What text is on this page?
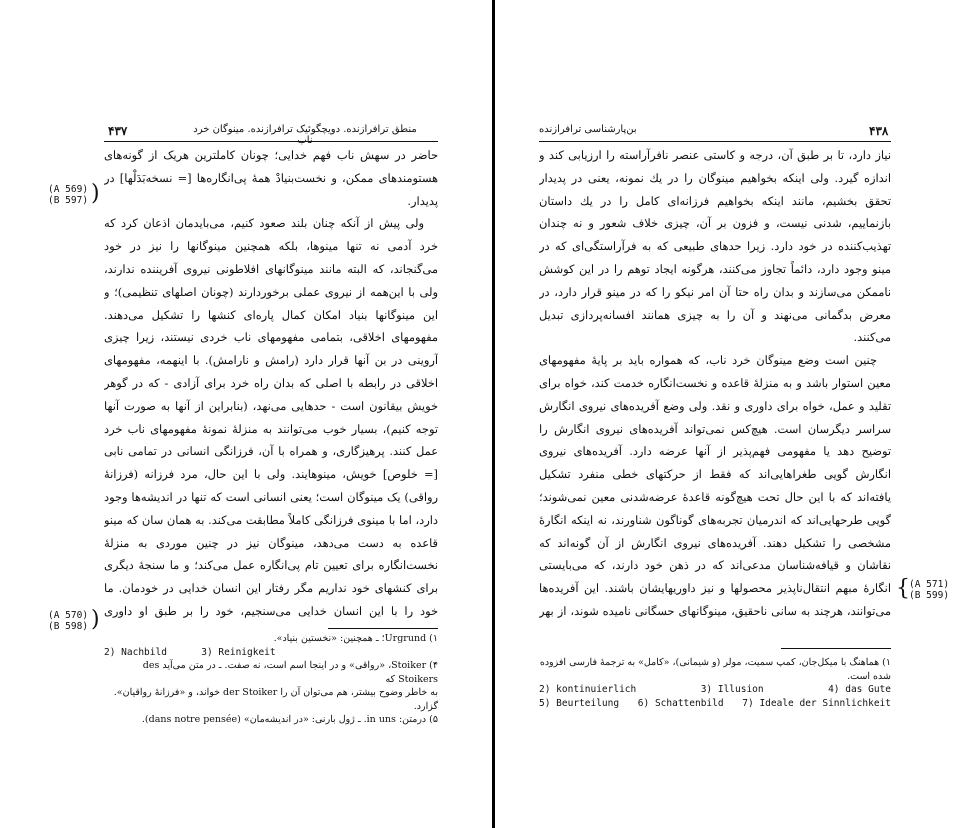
۴۳۷	منطق ترافرازنده. دویچگوئیک ترافرازنده. مینوگان خرد

حاضر در سهش ناب فهم خدایی؛ چونان کاملترین هریک از گونه‌های هستومند‌های ممکن، و نخست‌بنیادْ همهٔ پی‌انگاره‌ها [= نسخه‌بَدَلْها] در پدیدار.

ولی پیش از آنکه چنان بلند صعود کنیم، می‌بایدمان اذعان کرد که خرد آدمی نه تنها مینوها، بلکه همچنین مینوگانها را نیز در خود می‌گنجاند، که البته مانند مینوگانهای افلاطونی نیروی آفریننده ندارند، ولی با این‌همه از نیروی عملی برخوردارند (چونان اصلهای تنظیمی)؛ و این مینوگانها بنیاد امکان کمال پاره‌ای کنشها را تشکیل می‌دهند. مفهومهای اخلاقی، بتمامی مفهومهای ناب خردی نیستند، زیرا چیزی آروینی در بن آنها قرار دارد (رامش و نارامش). با اینهمه، مفهومهای اخلاقی در رابطه با اصلی که بدان راه خرد برای آزادی - که در گوهر خویش بیقانون است - حدهایی می‌نهد، (بنابراین از آنها به صورت آنها توجه کنیم)، بسیار خوب می‌توانند به منزلهٔ نمونهٔ مفهومهای ناب خرد عمل کنند. پرهیزگاری، و همراه با آن، فرزانگی انسانی در تمامی نابی [= خلوص] خویش، مینوهایند. ولی با این حال، مرد فرزانه (فرزانهٔ رواقی) یک مینوگان است؛ یعنی انسانی است که تنها در اندیشه‌ها وجود دارد، اما با مینوی فرزانگی کاملاً مطابقت می‌کند. به همان سان که مینو قاعده به دست می‌دهد، مینوگان نیز در چنین موردی به منزلهٔ نخست‌انگاره برای تعیین تام پی‌انگاره عمل می‌کند؛ و ما سنجهٔ دیگری برای کنشهای خود نداریم مگر رفتار این انسان خدایی در خودمان. ما خود را با این انسان خدایی می‌سنجیم، خود را بر طبق او داوری

(A 569)
(B 597) )
(A 570)
(B 598) )
۱) Urgrund؛ ـ همچنین: «نخستین بنیاد».
2) Nachbild	3) Reinigkeit
۴) Stoiker، «رواقی» و در اینجا اسم است، نه صفت. ـ در متن می‌آید des Stoikers که
به خاطر وضوح بیشتر، هم می‌توان آن را der Stoiker خواند، و «فرزانهٔ رواقیان».
گزارد.
۵) درمتن: in uns. ـ ژول بارنی: «در اندیشه‌مان» (dans notre pensée).
۴۳۸
بن‌پارشناسی ترافرازنده

نیاز دارد، تا بر طبق آن، درجه و کاستی عنصر نافرآراسته را ارزیابی کند و اندازه گیرد. ولی اینکه بخواهیم مینوگان را در یك نمونه، یعنی در پدیدار تحقق بخشیم، مانند اینکه بخواهیم فرزانه‌ای کامل را در یك داستان بازنماییم، شدنی نیست، و فزون بر آن، چیزی خلاف شعور و نه چندان تهذیب‌کننده در خود دارد. زیرا حدهای طبیعی که به فرآراستگی‌ای که در مینو وجود دارد، دائماً تجاوز می‌کنند، هرگونه ایجاد توهم را در این کوشش ناممکن می‌سازند و بدان راه حتا آن امر نیکو را که در مینو قرار دارد، در معرض بدگمانی می‌نهند و آن را به چیزی همانند افسانه‌پردازی تبدیل می‌کنند.

چنین است وضع مینوگان خرد ناب، که همواره باید بر پایهٔ مفهومهای معین استوار باشد و به منزلهٔ قاعده و نخست‌انگاره خدمت کند، خواه برای تقلید و عمل، خواه برای داوری و نقد. ولی وضع آفریده‌های نیروی انگارش سراسر دیگرسان است. هیچ‌کس نمی‌تواند آفریده‌های نیروی انگارش را توضیح دهد یا مفهومی فهم‌پذیر از آنها عرضه دارد. آفریده‌های نیروی انگارش گویی طغراهایی‌اند که فقط از حرکتهای خطی منفرد تشکیل یافته‌اند که با این حال تحت هیچ‌گونه قاعدهٔ عرضه‌شدنی معین نمی‌شوند؛ گویی طرحهایی‌اند که اندرمیان تجربه‌های گوناگون شناورند، نه اینکه انگارهٔ مشخصی را تشکیل دهند. آفریده‌های نیروی انگارش از آن گونه‌اند که نقاشان و قیافه‌شناسان مدعی‌اند که در ذهن خود دارند، که می‌بایستی انگارهٔ مبهم انتقال‌ناپذیر محصولها و نیز داوریهایشان باشند. این آفریده‌ها می‌توانند، هرچند به سانی ناحقیق، مینوگانهای حسگانی نامیده شوند، از بهر

{ (A 571)
(B 599)
۱) هماهنگ با میکل‌جان، کمپ سمیت، مولر (و شیمانی)، «کامل» به ترجمهٔ فارسی افزوده شده است.
2) kontinuierlich	3) Illusion	4) das Gute
5) Beurteilung 6) Schattenbild 7) Ideale der Sinnlichkeit
